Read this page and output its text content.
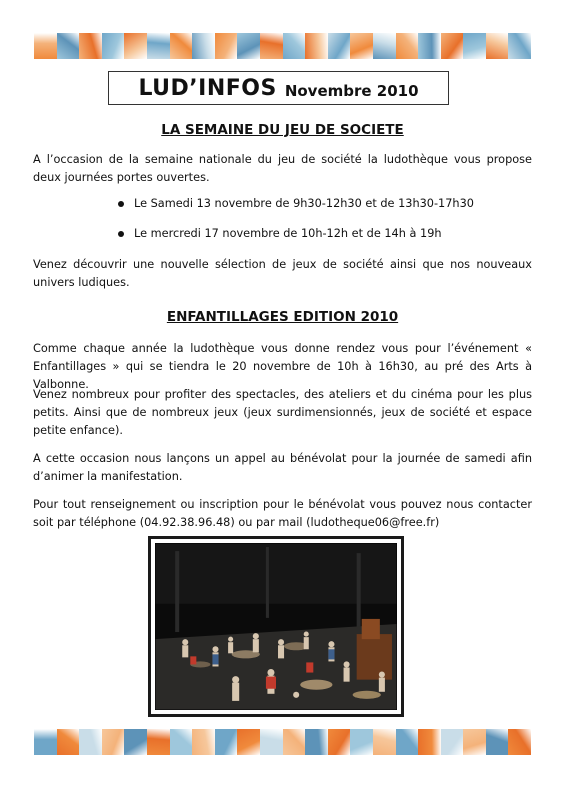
LUD’INFOS Novembre 2010
LA SEMAINE DU JEU DE SOCIETE

A l’occasion de la semaine nationale du jeu de société la ludothèque vous propose deux journées portes ouvertes.

Le Samedi 13 novembre de 9h30-12h30 et de 13h30-17h30
Le mercredi 17 novembre de 10h-12h et de 14h à 19h

Venez découvrir une nouvelle sélection de jeux de société ainsi que nos nouveaux univers ludiques.

ENFANTILLAGES EDITION 2010

Comme chaque année la ludothèque vous donne rendez vous pour l’événement « Enfantillages » qui se tiendra le 20 novembre de 10h à 16h30, au pré des Arts à Valbonne.

Venez nombreux pour profiter des spectacles, des ateliers et du cinéma pour les plus petits. Ainsi que de nombreux jeux (jeux surdimensionnés, jeux de société et espace petite enfance).

A cette occasion nous lançons un appel au bénévolat pour la journée de samedi afin d’animer la manifestation.

Pour tout renseignement ou inscription pour le bénévolat vous pouvez nous contacter soit par téléphone (04.92.38.96.48) ou par mail (ludotheque06@free.fr)
